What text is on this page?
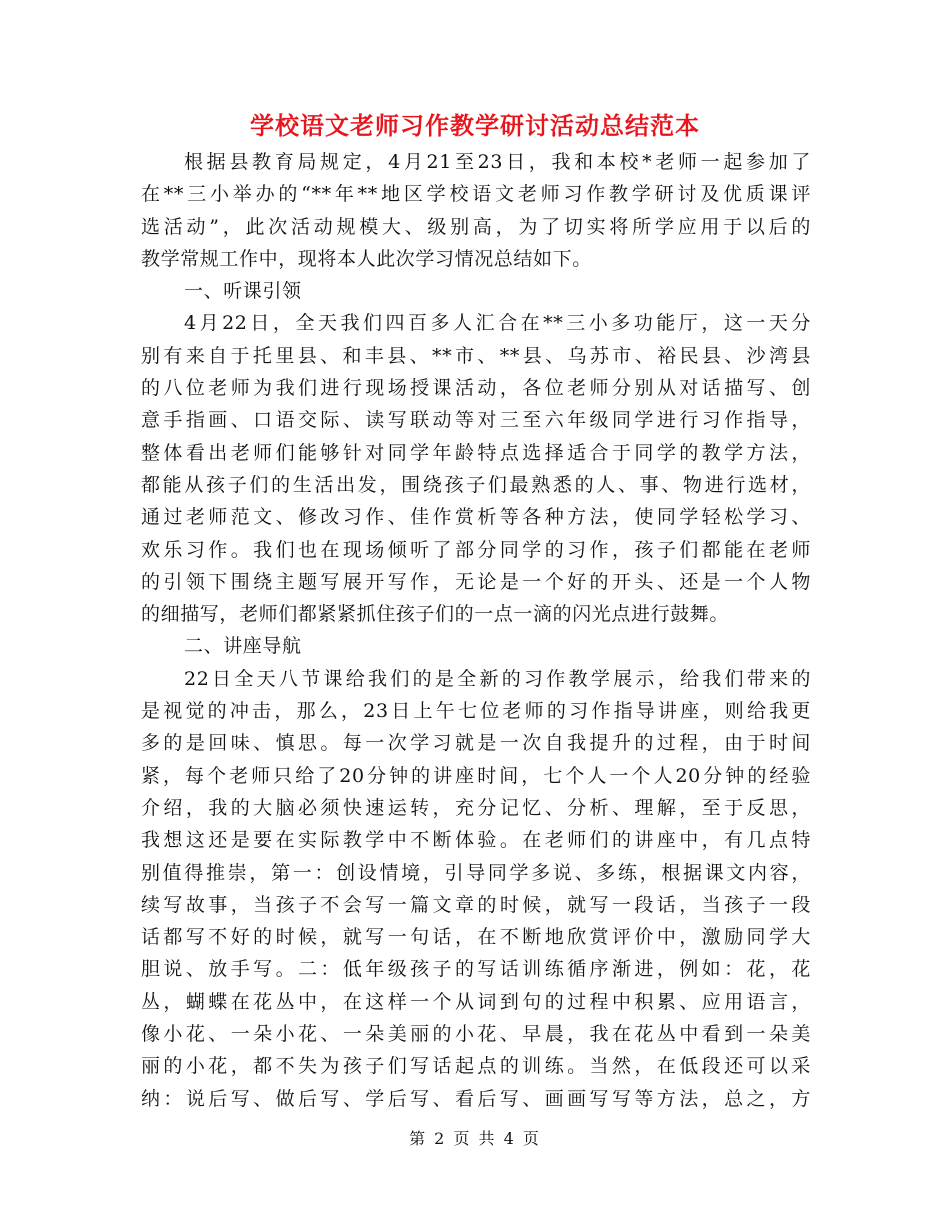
学校语文老师习作教学研讨活动总结范本
根据县教育局规定，4月21至23日，我和本校*老师一起参加了
在**三小举办的“**年**地区学校语文老师习作教学研讨及优质课评
选活动”，此次活动规模大、级别高，为了切实将所学应用于以后的
教学常规工作中，现将本人此次学习情况总结如下。
一、听课引领
4月22日，全天我们四百多人汇合在**三小多功能厅，这一天分
别有来自于托里县、和丰县、**市、**县、乌苏市、裕民县、沙湾县
的八位老师为我们进行现场授课活动，各位老师分别从对话描写、创
意手指画、口语交际、读写联动等对三至六年级同学进行习作指导，
整体看出老师们能够针对同学年龄特点选择适合于同学的教学方法，
都能从孩子们的生活出发，围绕孩子们最熟悉的人、事、物进行选材，
通过老师范文、修改习作、佳作赏析等各种方法，使同学轻松学习、
欢乐习作。我们也在现场倾听了部分同学的习作，孩子们都能在老师
的引领下围绕主题写展开写作，无论是一个好的开头、还是一个人物
的细描写，老师们都紧紧抓住孩子们的一点一滴的闪光点进行鼓舞。
二、讲座导航
22日全天八节课给我们的是全新的习作教学展示，给我们带来的
是视觉的冲击，那么，23日上午七位老师的习作指导讲座，则给我更
多的是回味、慎思。每一次学习就是一次自我提升的过程，由于时间
紧，每个老师只给了20分钟的讲座时间，七个人一个人20分钟的经验
介绍，我的大脑必须快速运转，充分记忆、分析、理解，至于反思，
我想这还是要在实际教学中不断体验。在老师们的讲座中，有几点特
别值得推崇，第一：创设情境，引导同学多说、多练，根据课文内容，
续写故事，当孩子不会写一篇文章的时候，就写一段话，当孩子一段
话都写不好的时候，就写一句话，在不断地欣赏评价中，激励同学大
胆说、放手写。二：低年级孩子的写话训练循序渐进，例如：花，花
丛，蝴蝶在花丛中，在这样一个从词到句的过程中积累、应用语言，
像小花、一朵小花、一朵美丽的小花、早晨，我在花丛中看到一朵美
丽的小花，都不失为孩子们写话起点的训练。当然，在低段还可以采
纳：说后写、做后写、学后写、看后写、画画写写等方法，总之，方
第 2 页 共 4 页
